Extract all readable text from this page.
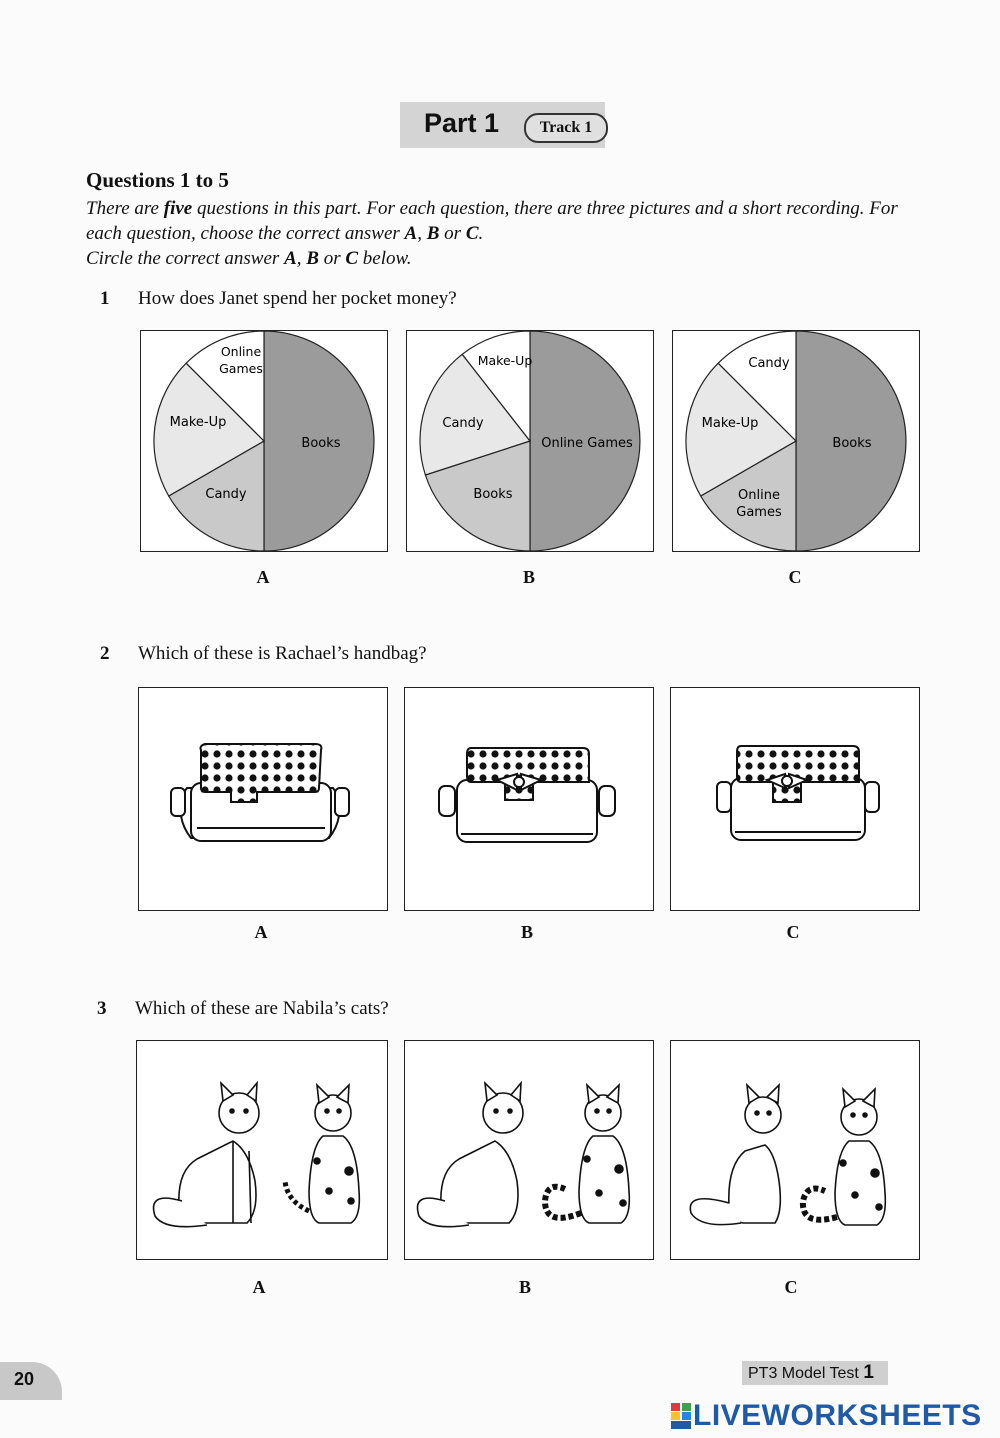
Part 1	Track 1
Questions 1 to 5
There are five questions in this part. For each question, there are three pictures and a short recording. For each question, choose the correct answer A, B or C.
Circle the correct answer A, B or C below.
1 How does Janet spend her pocket money?
Online
Games
Make-Up
Candy
Books
Make-Up
Candy
Books
Online Games
Candy
Make-Up
Online
Games
Books
A	B	C
2 Which of these is Rachael’s handbag?
A	B	C
3 Which of these are Nabila’s cats?
A	B	C
20	PT3 Model Test 1
LIVEWORKSHEETS
